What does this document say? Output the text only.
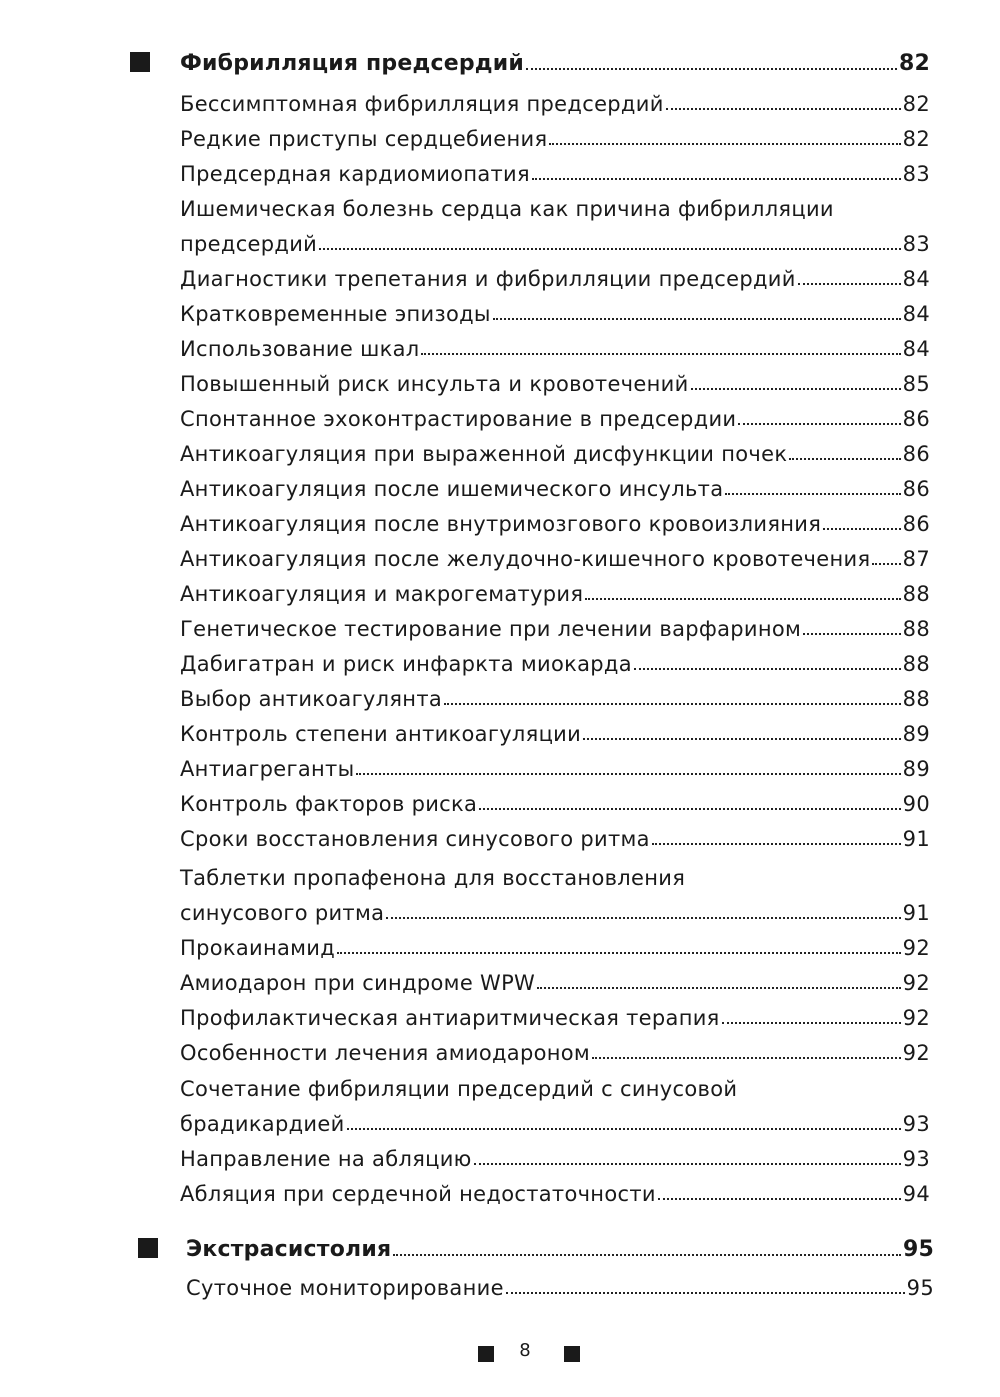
Фибрилляция предсердий	82
Бессимптомная фибрилляция предсердий	82
Редкие приступы сердцебиения	82
Предсердная кардиомиопатия	83
Ишемическая болезнь сердца как причина фибрилляции
предсердий	83
Диагностики трепетания и фибрилляции предсердий	84
Кратковременные эпизоды	84
Использование шкал	84
Повышенный риск инсульта и кровотечений	85
Спонтанное эхоконтрастирование в предсердии	86
Антикоагуляция при выраженной дисфункции почек	86
Антикоагуляция после ишемического инсульта	86
Антикоагуляция после внутримозгового кровоизлияния	86
Антикоагуляция после желудочно-кишечного кровотечения 87
Антикоагуляция и макрогематурия	88
Генетическое тестирование при лечении варфарином	88
Дабигатран и риск инфаркта миокарда	88
Выбор антикоагулянта	88
Контроль степени антикоагуляции	89
Антиагреганты	89
Контроль факторов риска	90
Сроки восстановления синусового ритма	91
Таблетки пропафенона для восстановления
синусового ритма	91
Прокаинамид	92
Амиодарон при синдроме WPW	92
Профилактическая антиаритмическая терапия	92
Особенности лечения амиодароном	92
Сочетание фибриляции предсердий с синусовой
брадикардией	93
Направление на абляцию	93
Абляция при сердечной недостаточности	94
Экстрасистолия	95
Суточное мониторирование	95
8
